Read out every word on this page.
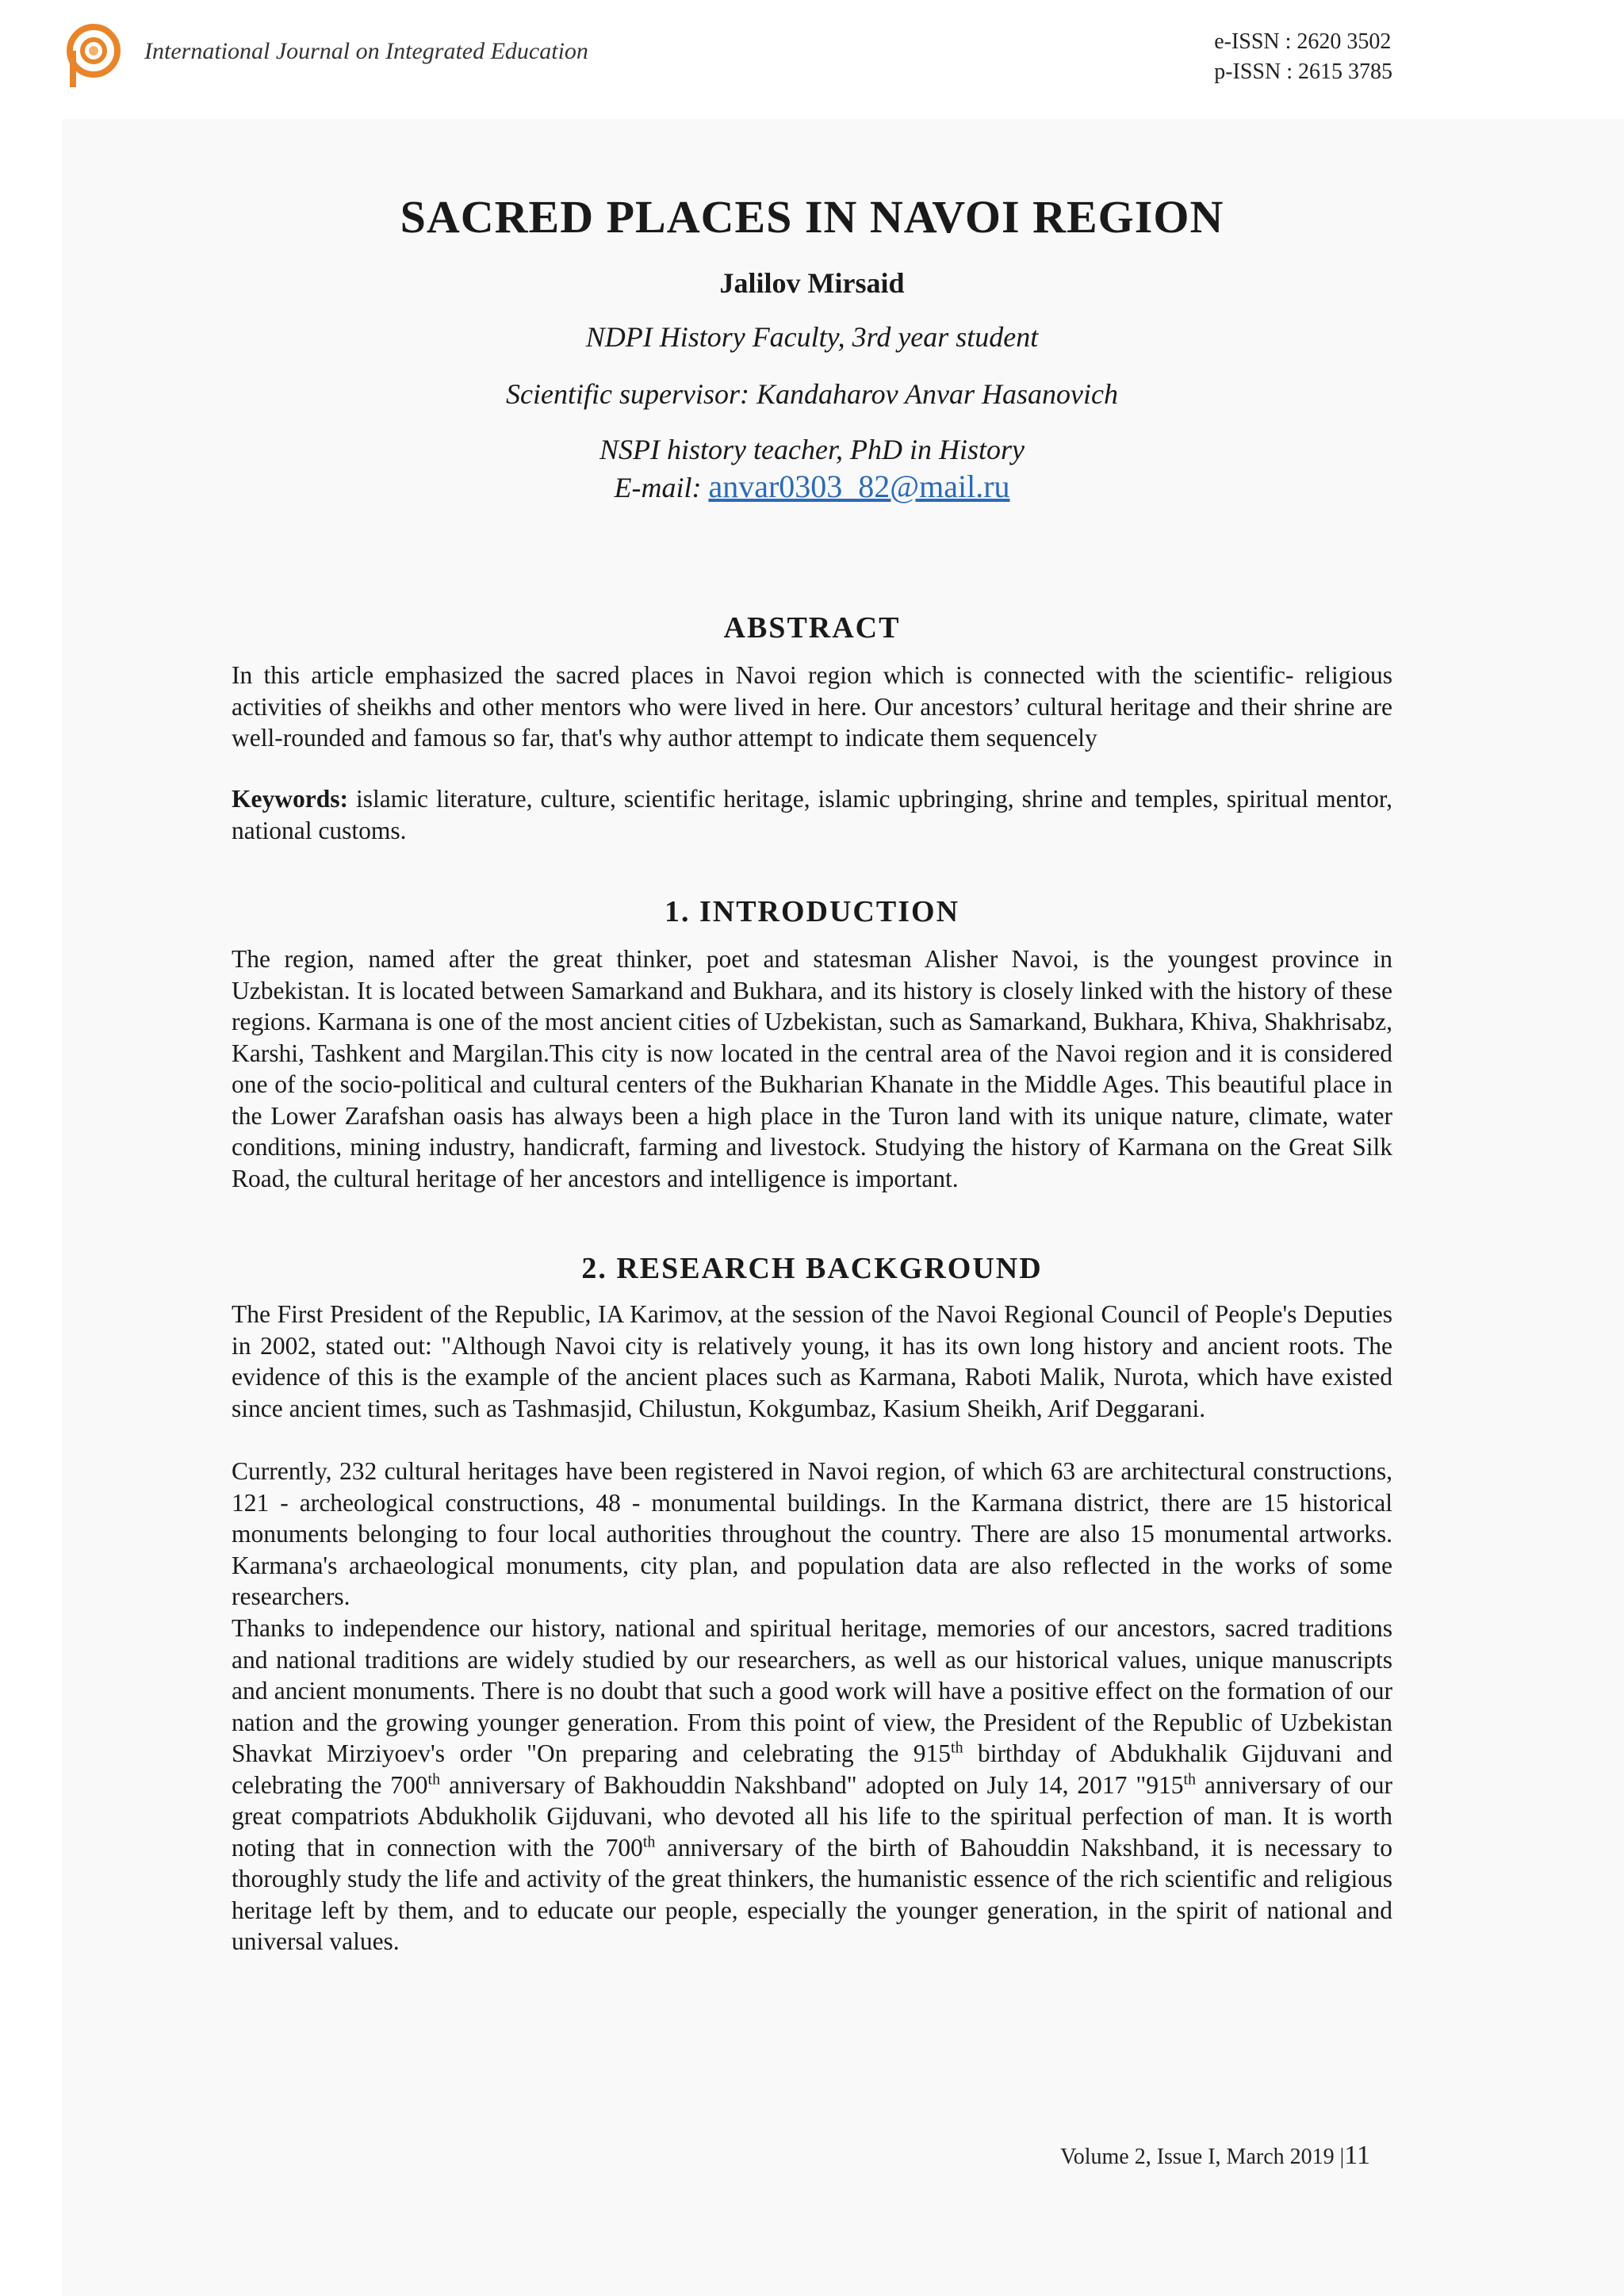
International Journal on Integrated Education	e-ISSN : 2620 3502
p-ISSN : 2615 3785
SACRED PLACES IN NAVOI REGION
Jalilov Mirsaid
NDPI History Faculty, 3rd year student
Scientific supervisor: Kandaharov Anvar Hasanovich
NSPI history teacher, PhD in History
E-mail: anvar0303_82@mail.ru
ABSTRACT

In this article emphasized the sacred places in Navoi region which is connected with the scientific- religious activities of sheikhs and other mentors who were lived in here. Our ancestors’ cultural heritage and their shrine are well-rounded and famous so far, that's why author attempt to indicate them sequencely

Keywords: islamic literature, culture, scientific heritage, islamic upbringing, shrine and temples, spiritual mentor, national customs.

1. INTRODUCTION

The region, named after the great thinker, poet and statesman Alisher Navoi, is the youngest province in Uzbekistan. It is located between Samarkand and Bukhara, and its history is closely linked with the history of these regions. Karmana is one of the most ancient cities of Uzbekistan, such as Samarkand, Bukhara, Khiva, Shakhrisabz, Karshi, Tashkent and Margilan.This city is now located in the central area of the Navoi region and it is considered one of the socio-political and cultural centers of the Bukharian Khanate in the Middle Ages. This beautiful place in the Lower Zarafshan oasis has always been a high place in the Turon land with its unique nature, climate, water conditions, mining industry, handicraft, farming and livestock. Studying the history of Karmana on the Great Silk Road, the cultural heritage of her ancestors and intelligence is important.

2. RESEARCH BACKGROUND

The First President of the Republic, IA Karimov, at the session of the Navoi Regional Council of People's Deputies in 2002, stated out: "Although Navoi city is relatively young, it has its own long history and ancient roots. The evidence of this is the example of the ancient places such as Karmana, Raboti Malik, Nurota, which have existed since ancient times, such as Tashmasjid, Chilustun, Kokgumbaz, Kasium Sheikh, Arif Deggarani.

Currently, 232 cultural heritages have been registered in Navoi region, of which 63 are architectural constructions, 121 - archeological constructions, 48 - monumental buildings. In the Karmana district, there are 15 historical monuments belonging to four local authorities throughout the country. There are also 15 monumental artworks. Karmana's archaeological monuments, city plan, and population data are also reflected in the works of some researchers.

Thanks to independence our history, national and spiritual heritage, memories of our ancestors, sacred traditions and national traditions are widely studied by our researchers, as well as our historical values, unique manuscripts and ancient monuments. There is no doubt that such a good work will have a positive effect on the formation of our nation and the growing younger generation. From this point of view, the President of the Republic of Uzbekistan Shavkat Mirziyoev's order "On preparing and celebrating the 915th birthday of Abdukhalik Gijduvani and celebrating the 700th anniversary of Bakhouddin Nakshband" adopted on July 14, 2017 "915th anniversary of our great compatriots Abdukholik Gijduvani, who devoted all his life to the spiritual perfection of man. It is worth noting that in connection with the 700th anniversary of the birth of Bahouddin Nakshband, it is necessary to thoroughly study the life and activity of the great thinkers, the humanistic essence of the rich scientific and religious heritage left by them, and to educate our people, especially the younger generation, in the spirit of national and universal values.

Volume 2, Issue I, March 2019 |11
